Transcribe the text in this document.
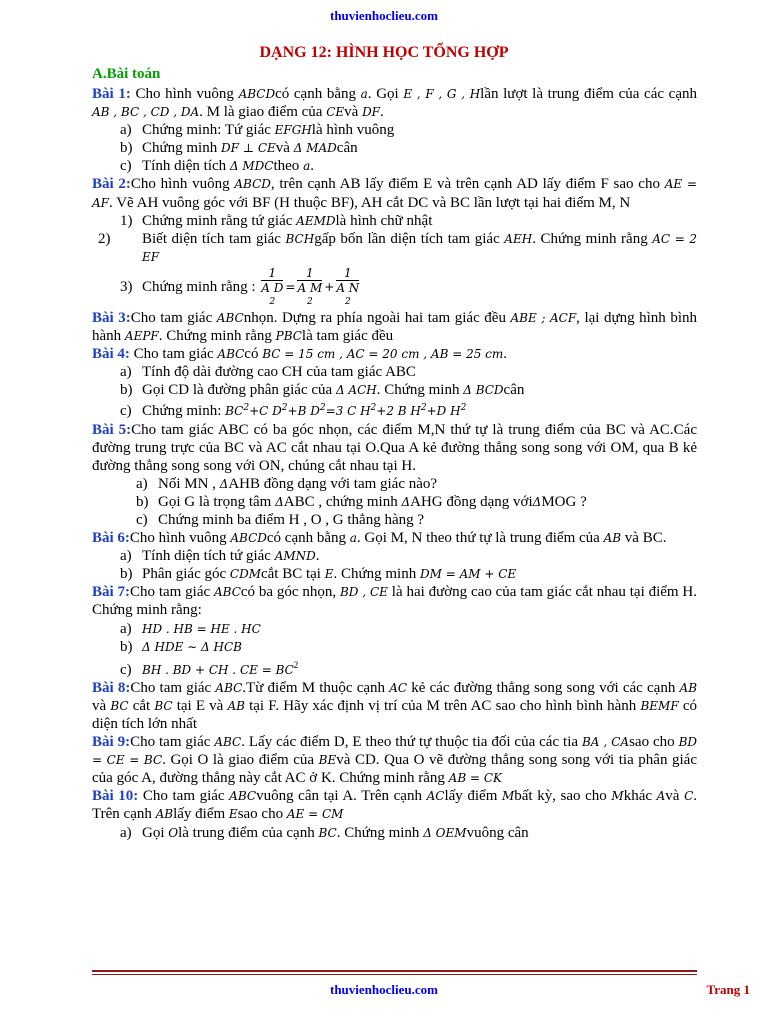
thuvienhoclieu.com
DẠNG 12: HÌNH HỌC TỔNG HỢP
A.Bài toán

Bài 1: Cho hình vuông ABCDcó cạnh bằng a. Gọi E , F , G , Hlần lượt là trung điểm của các cạnh AB , BC , CD , DA. M là giao điểm của CEvà DF.

a) Chứng minh: Tứ giác EFGHlà hình vuông

b) Chứng minh DF ⊥ CEvà Δ MADcân

c) Tính diện tích Δ MDCtheo a.

Bài 2:Cho hình vuông ABCD, trên cạnh AB lấy điểm E và trên cạnh AD lấy điểm F sao cho AE = AF. Vẽ AH vuông góc với BF (H thuộc BF), AH cắt DC và BC lần lượt tại hai điểm M, N

1) Chứng minh rằng tứ giác AEMDlà hình chữ nhật

2) Biết diện tích tam giác BCHgấp bốn lần diện tích tam giác AEH. Chứng minh rằng AC = 2 EF

3) Chứng minh rằng : 1
A D
2 = 1
A M
2 + 1
A N
2

Bài 3:Cho tam giác ABCnhọn. Dựng ra phía ngoài hai tam giác đều ABE ; ACF, lại dựng hình bình hành AEPF. Chứng minh rằng PBClà tam giác đều

Bài 4: Cho tam giác ABCcó BC = 15 cm , AC = 20 cm , AB = 25 cm.

a) Tính độ dài đường cao CH của tam giác ABC

b) Gọi CD là đường phân giác của Δ ACH. Chứng minh Δ BCDcân

c) Chứng minh: $BC^2+C$ $D^2+B$ $D^2=3$ C $H^2+2$ B $H^2+D$ $H^2$

Bài 5:Cho tam giác ABC có ba góc nhọn, các điểm M,N thứ tự là trung điểm của BC và AC.Các đường trung trực của BC và AC cắt nhau tại O.Qua A kẻ đường thẳng song song với OM, qua B kẻ đường thẳng song song với ON, chúng cắt nhau tại H.

a) Nối MN , ΔAHB đồng dạng với tam giác nào?

b) Gọi G là trọng tâm ΔABC , chứng minh ΔAHG đồng dạng vớiΔMOG ?

c) Chứng minh ba điểm H , O , G thẳng hàng ?

Bài 6:Cho hình vuông ABCDcó cạnh bằng a. Gọi M, N theo thứ tự là trung điểm của AB và BC.

a) Tính diện tích tứ giác AMND.

b) Phân giác góc CDMcắt BC tại E. Chứng minh DM = AM + CE

Bài 7:Cho tam giác ABCcó ba góc nhọn, BD , CE là hai đường cao của tam giác cắt nhau tại điểm H. Chứng minh rằng:

a) HD . HB = HE . HC

b) Δ HDE ∼ Δ HCB

c) BH . BD + CH . CE = $BC^2$

Bài 8:Cho tam giác ABC.Từ điểm M thuộc cạnh AC kẻ các đường thẳng song song với các cạnh AB và BC cắt BC tại E và AB tại F. Hãy xác định vị trí của M trên AC sao cho hình bình hành BEMF có diện tích lớn nhất

Bài 9:Cho tam giác ABC. Lấy các điểm D, E theo thứ tự thuộc tia đối của các tia BA , CAsao cho BD = CE = BC. Gọi O là giao điểm của BEvà CD. Qua O vẽ đường thẳng song song với tia phân giác của góc A, đường thẳng này cắt AC ở K. Chứng minh rằng AB = CK

Bài 10: Cho tam giác ABCvuông cân tại A. Trên cạnh AClấy điểm Mbất kỳ, sao cho Mkhác Avà C. Trên cạnh ABlấy điểm Esao cho AE = CM

a) Gọi Olà trung điểm của cạnh BC. Chứng minh Δ OEMvuông cân

thuvienhoclieu.com	Trang 1
